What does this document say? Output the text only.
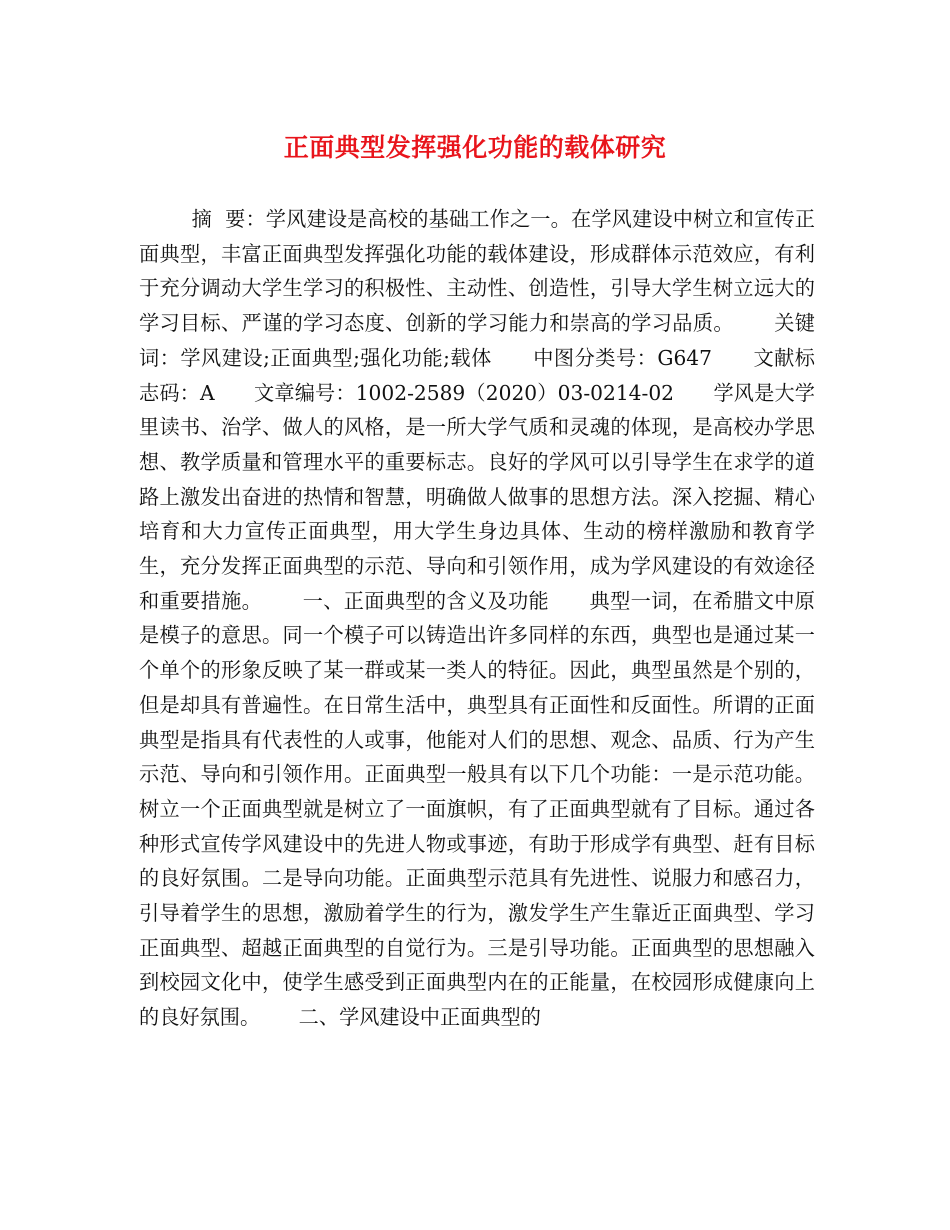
正面典型发挥强化功能的载体研究

摘  要：学风建设是高校的基础工作之一。在学风建设中树立和宣传正面典型，丰富正面典型发挥强化功能的载体建设，形成群体示范效应，有利于充分调动大学生学习的积极性、主动性、创造性，引导大学生树立远大的学习目标、严谨的学习态度、创新的学习能力和崇高的学习品质。      关键词：学风建设;正面典型;强化功能;载体      中图分类号：G647      文献标志码：A      文章编号：1002-2589（2020）03-0214-02      学风是大学里读书、治学、做人的风格，是一所大学气质和灵魂的体现，是高校办学思想、教学质量和管理水平的重要标志。良好的学风可以引导学生在求学的道路上激发出奋进的热情和智慧，明确做人做事的思想方法。深入挖掘、精心培育和大力宣传正面典型，用大学生身边具体、生动的榜样激励和教育学生，充分发挥正面典型的示范、导向和引领作用，成为学风建设的有效途径和重要措施。      一、正面典型的含义及功能      典型一词，在希腊文中原是模子的意思。同一个模子可以铸造出许多同样的东西，典型也是通过某一个单个的形象反映了某一群或某一类人的特征。因此，典型虽然是个别的，但是却具有普遍性。在日常生活中，典型具有正面性和反面性。所谓的正面典型是指具有代表性的人或事，他能对人们的思想、观念、品质、行为产生示范、导向和引领作用。正面典型一般具有以下几个功能：一是示范功能。树立一个正面典型就是树立了一面旗帜，有了正面典型就有了目标。通过各种形式宣传学风建设中的先进人物或事迹，有助于形成学有典型、赶有目标的良好氛围。二是导向功能。正面典型示范具有先进性、说服力和感召力，引导着学生的思想，激励着学生的行为，激发学生产生靠近正面典型、学习正面典型、超越正面典型的自觉行为。三是引导功能。正面典型的思想融入到校园文化中，使学生感受到正面典型内在的正能量，在校园形成健康向上的良好氛围。      二、学风建设中正面典型的
